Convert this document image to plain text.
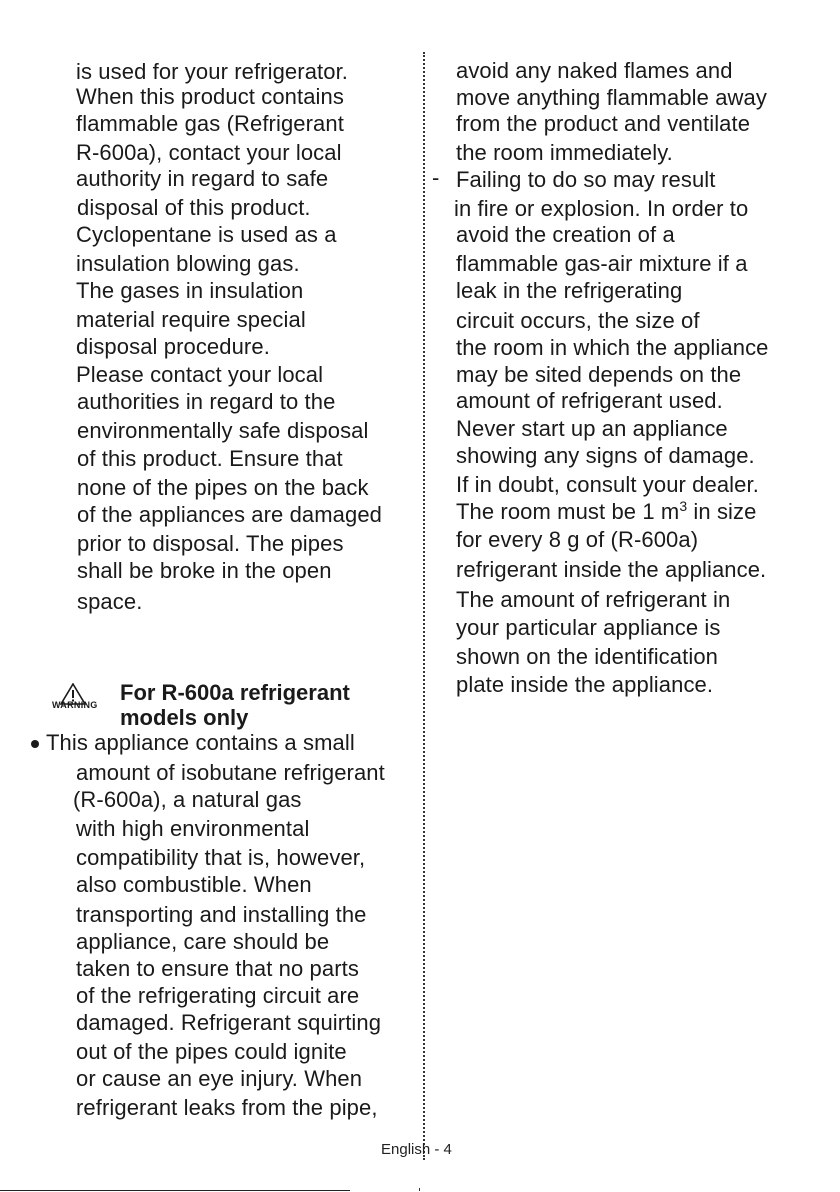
is used for your refrigerator.
When this product contains
flammable gas (Refrigerant
R-600a), contact your local
authority in regard to safe
disposal of this product.
Cyclopentane is used as a
insulation blowing gas.
The gases in insulation
material require special
disposal procedure.
Please contact your local
authorities in regard to the
environmentally safe disposal
of this product. Ensure that
none of the pipes on the back
of the appliances are damaged
prior to disposal. The pipes
shall be broke in the open
space.
WARNING For R-600a refrigerant
models only
This appliance contains a small
amount of isobutane refrigerant
(R-600a), a natural gas
with high environmental
compatibility that is, however,
also combustible. When
transporting and installing the
appliance, care should be
taken to ensure that no parts
of the refrigerating circuit are
damaged. Refrigerant squirting
out of the pipes could ignite
or cause an eye injury. When
refrigerant leaks from the pipe,
avoid any naked flames and
move anything flammable away
from the product and ventilate
the room immediately.
- Failing to do so may result
in fire or explosion. In order to
avoid the creation of a
flammable gas-air mixture if a
leak in the refrigerating
circuit occurs, the size of
the room in which the appliance
may be sited depends on the
amount of refrigerant used.
Never start up an appliance
showing any signs of damage.
If in doubt, consult your dealer.
The room must be 1 $m^3$ in size
for every 8 g of (R-600a)
refrigerant inside the appliance.
The amount of refrigerant in
your particular appliance is
shown on the identification
plate inside the appliance.
English - 4
